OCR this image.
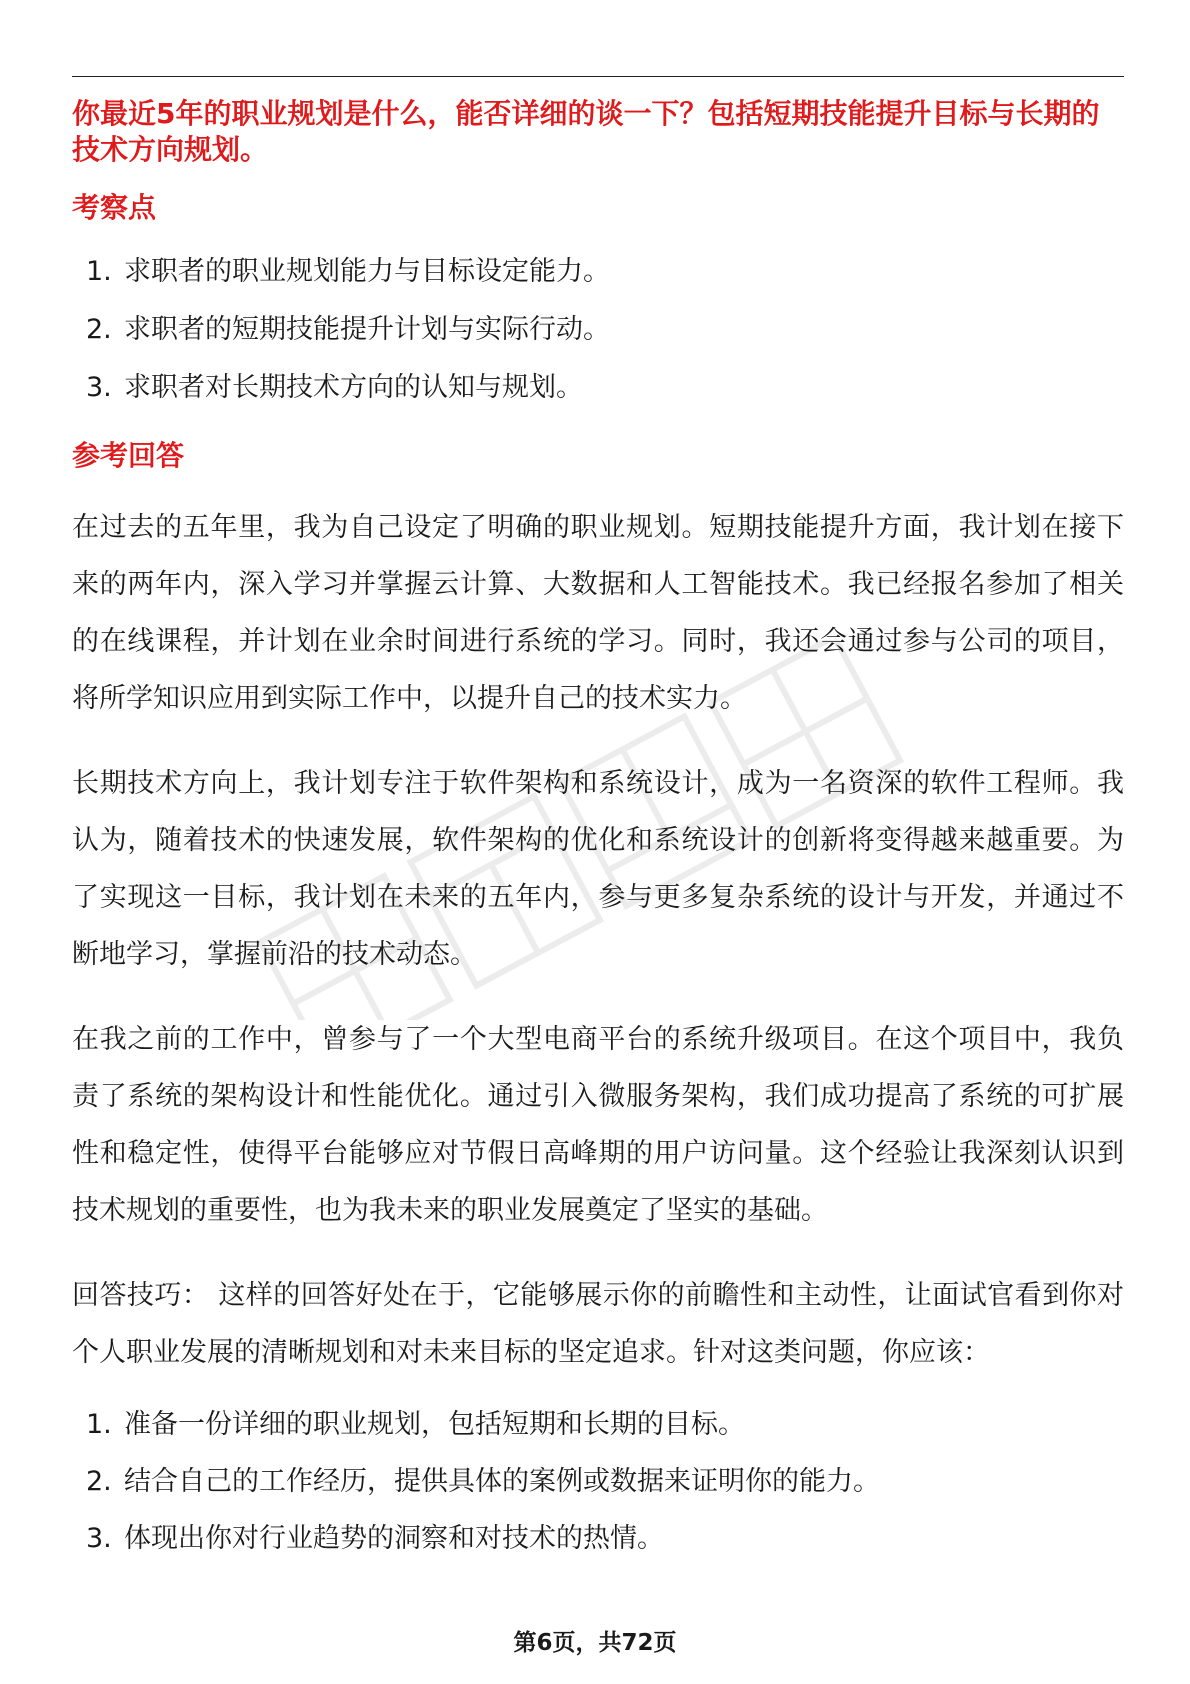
你最近5年的职业规划是什么，能否详细的谈一下？包括短期技能提升目标与长期的技术方向规划。

考察点

1. 求职者的职业规划能力与目标设定能力。
2. 求职者的短期技能提升计划与实际行动。
3. 求职者对长期技术方向的认知与规划。

参考回答

在过去的五年里，我为自己设定了明确的职业规划。短期技能提升方面，我计划在接下来的两年内，深入学习并掌握云计算、大数据和人工智能技术。我已经报名参加了相关的在线课程，并计划在业余时间进行系统的学习。同时，我还会通过参与公司的项目，将所学知识应用到实际工作中，以提升自己的技术实力。

长期技术方向上，我计划专注于软件架构和系统设计，成为一名资深的软件工程师。我认为，随着技术的快速发展，软件架构的优化和系统设计的创新将变得越来越重要。为了实现这一目标，我计划在未来的五年内，参与更多复杂系统的设计与开发，并通过不断地学习，掌握前沿的技术动态。

在我之前的工作中，曾参与了一个大型电商平台的系统升级项目。在这个项目中，我负责了系统的架构设计和性能优化。通过引入微服务架构，我们成功提高了系统的可扩展性和稳定性，使得平台能够应对节假日高峰期的用户访问量。这个经验让我深刻认识到技术规划的重要性，也为我未来的职业发展奠定了坚实的基础。

回答技巧： 这样的回答好处在于，它能够展示你的前瞻性和主动性，让面试官看到你对个人职业发展的清晰规划和对未来目标的坚定追求。针对这类问题，你应该：

1. 准备一份详细的职业规划，包括短期和长期的目标。
2. 结合自己的工作经历，提供具体的案例或数据来证明你的能力。
3. 体现出你对行业趋势的洞察和对技术的热情。
第6页，共72页
